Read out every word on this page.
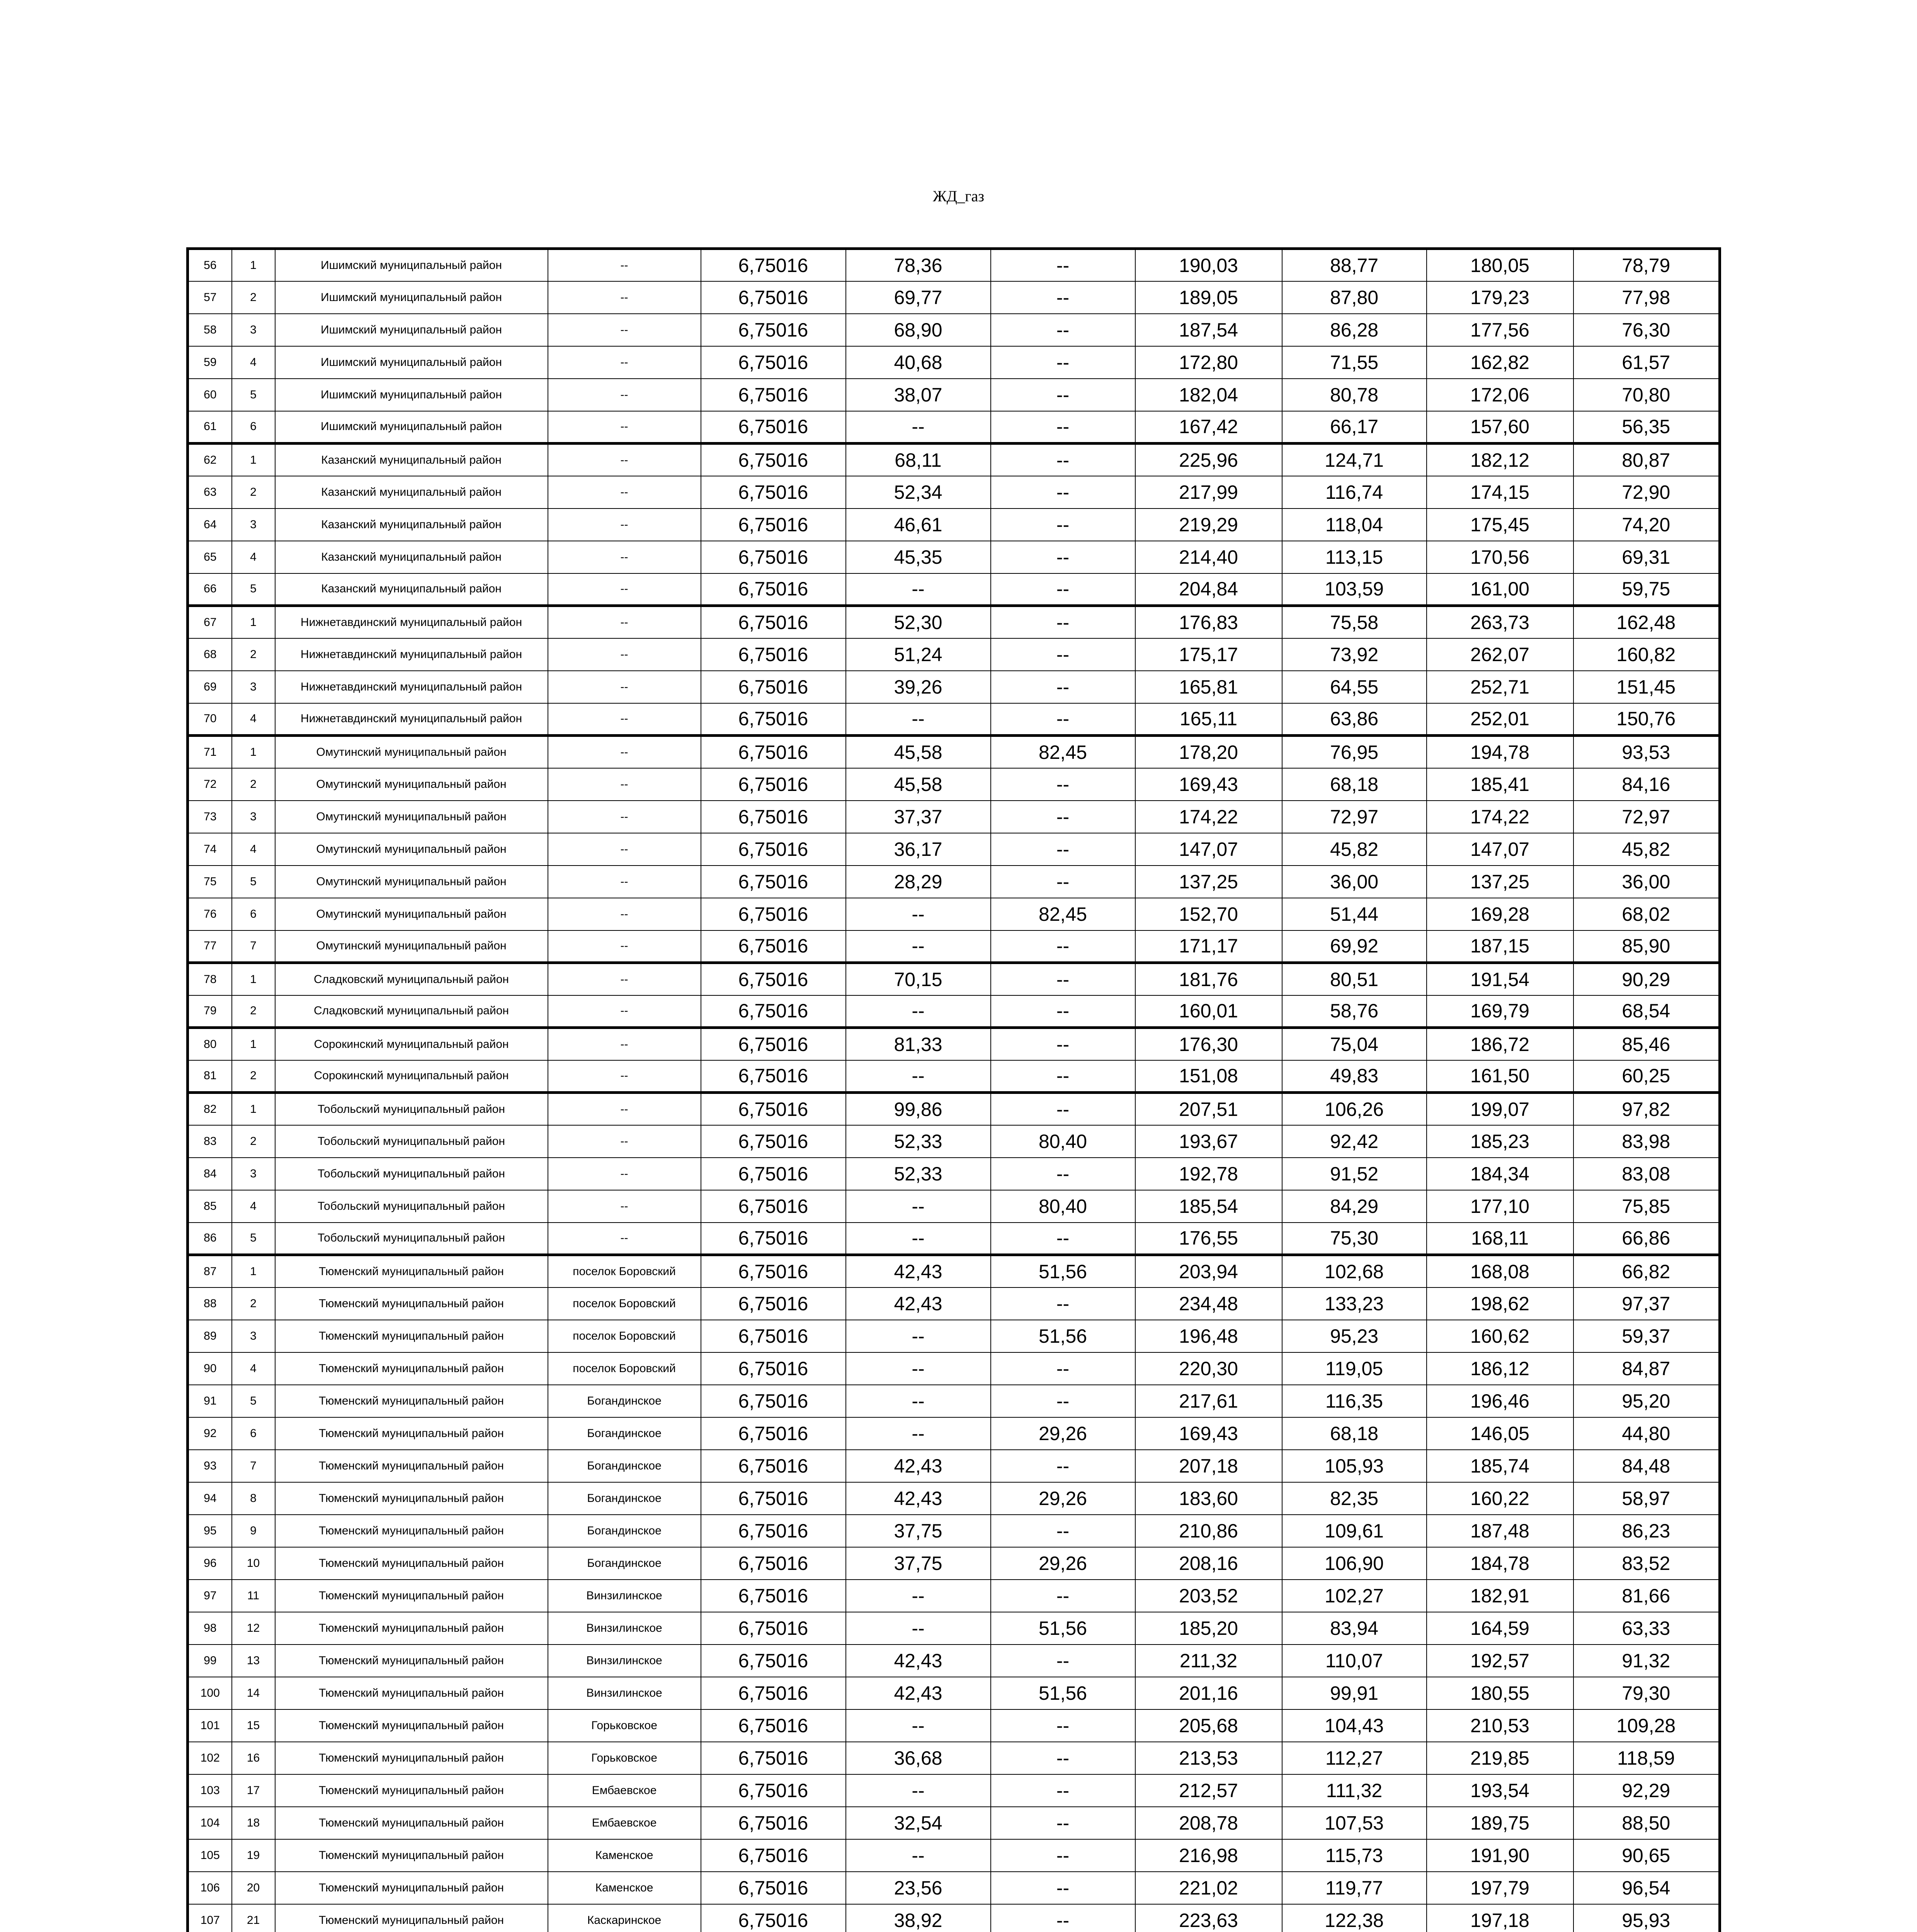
ЖД_газ
56	1	Ишимский муниципальный район	--	6,75016	78,36	--	190,03	88,77	180,05	78,79
57	2	Ишимский муниципальный район	--	6,75016	69,77	--	189,05	87,80	179,23	77,98
58	3	Ишимский муниципальный район	--	6,75016	68,90	--	187,54	86,28	177,56	76,30
59	4	Ишимский муниципальный район	--	6,75016	40,68	--	172,80	71,55	162,82	61,57
60	5	Ишимский муниципальный район	--	6,75016	38,07	--	182,04	80,78	172,06	70,80
61	6	Ишимский муниципальный район	--	6,75016	--	--	167,42	66,17	157,60	56,35
62	1	Казанский муниципальный район	--	6,75016	68,11	--	225,96	124,71	182,12	80,87
63	2	Казанский муниципальный район	--	6,75016	52,34	--	217,99	116,74	174,15	72,90
64	3	Казанский муниципальный район	--	6,75016	46,61	--	219,29	118,04	175,45	74,20
65	4	Казанский муниципальный район	--	6,75016	45,35	--	214,40	113,15	170,56	69,31
66	5	Казанский муниципальный район	--	6,75016	--	--	204,84	103,59	161,00	59,75
67	1	Нижнетавдинский муниципальный район	--	6,75016	52,30	--	176,83	75,58	263,73	162,48
68	2	Нижнетавдинский муниципальный район	--	6,75016	51,24	--	175,17	73,92	262,07	160,82
69	3	Нижнетавдинский муниципальный район	--	6,75016	39,26	--	165,81	64,55	252,71	151,45
70	4	Нижнетавдинский муниципальный район	--	6,75016	--	--	165,11	63,86	252,01	150,76
71	1	Омутинский муниципальный район	--	6,75016	45,58	82,45	178,20	76,95	194,78	93,53
72	2	Омутинский муниципальный район	--	6,75016	45,58	--	169,43	68,18	185,41	84,16
73	3	Омутинский муниципальный район	--	6,75016	37,37	--	174,22	72,97	174,22	72,97
74	4	Омутинский муниципальный район	--	6,75016	36,17	--	147,07	45,82	147,07	45,82
75	5	Омутинский муниципальный район	--	6,75016	28,29	--	137,25	36,00	137,25	36,00
76	6	Омутинский муниципальный район	--	6,75016	--	82,45	152,70	51,44	169,28	68,02
77	7	Омутинский муниципальный район	--	6,75016	--	--	171,17	69,92	187,15	85,90
78	1	Сладковский муниципальный район	--	6,75016	70,15	--	181,76	80,51	191,54	90,29
79	2	Сладковский муниципальный район	--	6,75016	--	--	160,01	58,76	169,79	68,54
80	1	Сорокинский муниципальный район	--	6,75016	81,33	--	176,30	75,04	186,72	85,46
81	2	Сорокинский муниципальный район	--	6,75016	--	--	151,08	49,83	161,50	60,25
82	1	Тобольский муниципальный район	--	6,75016	99,86	--	207,51	106,26	199,07	97,82
83	2	Тобольский муниципальный район	--	6,75016	52,33	80,40	193,67	92,42	185,23	83,98
84	3	Тобольский муниципальный район	--	6,75016	52,33	--	192,78	91,52	184,34	83,08
85	4	Тобольский муниципальный район	--	6,75016	--	80,40	185,54	84,29	177,10	75,85
86	5	Тобольский муниципальный район	--	6,75016	--	--	176,55	75,30	168,11	66,86
87	1	Тюменский муниципальный район	поселок Боровский	6,75016	42,43	51,56	203,94	102,68	168,08	66,82
88	2	Тюменский муниципальный район	поселок Боровский	6,75016	42,43	--	234,48	133,23	198,62	97,37
89	3	Тюменский муниципальный район	поселок Боровский	6,75016	--	51,56	196,48	95,23	160,62	59,37
90	4	Тюменский муниципальный район	поселок Боровский	6,75016	--	--	220,30	119,05	186,12	84,87
91	5	Тюменский муниципальный район	Богандинское	6,75016	--	--	217,61	116,35	196,46	95,20
92	6	Тюменский муниципальный район	Богандинское	6,75016	--	29,26	169,43	68,18	146,05	44,80
93	7	Тюменский муниципальный район	Богандинское	6,75016	42,43	--	207,18	105,93	185,74	84,48
94	8	Тюменский муниципальный район	Богандинское	6,75016	42,43	29,26	183,60	82,35	160,22	58,97
95	9	Тюменский муниципальный район	Богандинское	6,75016	37,75	--	210,86	109,61	187,48	86,23
96	10	Тюменский муниципальный район	Богандинское	6,75016	37,75	29,26	208,16	106,90	184,78	83,52
97	11	Тюменский муниципальный район	Винзилинское	6,75016	--	--	203,52	102,27	182,91	81,66
98	12	Тюменский муниципальный район	Винзилинское	6,75016	--	51,56	185,20	83,94	164,59	63,33
99	13	Тюменский муниципальный район	Винзилинское	6,75016	42,43	--	211,32	110,07	192,57	91,32
100	14	Тюменский муниципальный район	Винзилинское	6,75016	42,43	51,56	201,16	99,91	180,55	79,30
101	15	Тюменский муниципальный район	Горьковское	6,75016	--	--	205,68	104,43	210,53	109,28
102	16	Тюменский муниципальный район	Горьковское	6,75016	36,68	--	213,53	112,27	219,85	118,59
103	17	Тюменский муниципальный район	Ембаевское	6,75016	--	--	212,57	111,32	193,54	92,29
104	18	Тюменский муниципальный район	Ембаевское	6,75016	32,54	--	208,78	107,53	189,75	88,50
105	19	Тюменский муниципальный район	Каменское	6,75016	--	--	216,98	115,73	191,90	90,65
106	20	Тюменский муниципальный район	Каменское	6,75016	23,56	--	221,02	119,77	197,79	96,54
107	21	Тюменский муниципальный район	Каскаринское	6,75016	38,92	--	223,63	122,38	197,18	95,93
